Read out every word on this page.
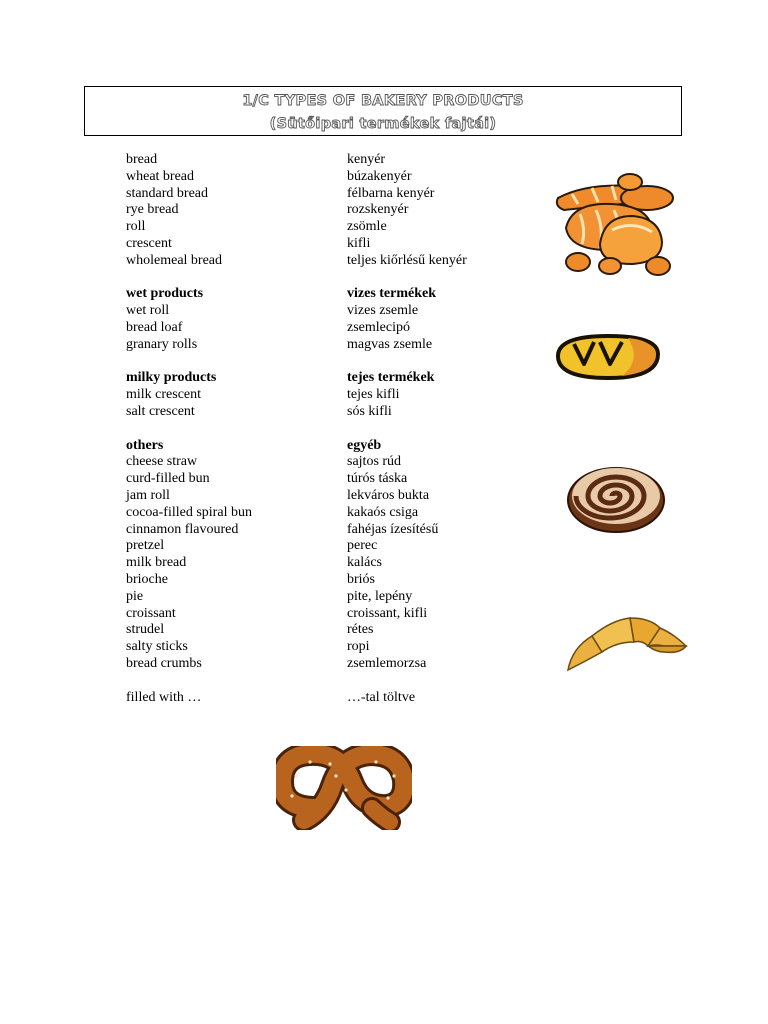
1/C TYPES OF BAKERY PRODUCTS
(Sütőipari termékek fajtái)
bread	kenyér
wheat bread	búzakenyér
standard bread	félbarna kenyér
rye bread	rozskenyér
roll	zsömle
crescent	kifli
wholemeal bread	teljes kiőrlésű kenyér
wet products	vizes termékek
wet roll	vizes zsemle
bread loaf	zsemlecipó
granary rolls	magvas zsemle
milky products	tejes termékek
milk crescent	tejes kifli
salt crescent	sós kifli
others	egyéb
cheese straw	sajtos rúd
curd-filled bun	túrós táska
jam roll	lekváros bukta
cocoa-filled spiral bun	kakaós csiga
cinnamon flavoured	fahéjas ízesítésű
pretzel	perec
milk bread	kalács
brioche	briós
pie	pite, lepény
croissant	croissant, kifli
strudel	rétes
salty sticks	ropi
bread crumbs	zsemlemorzsa
filled with …	…-tal töltve
